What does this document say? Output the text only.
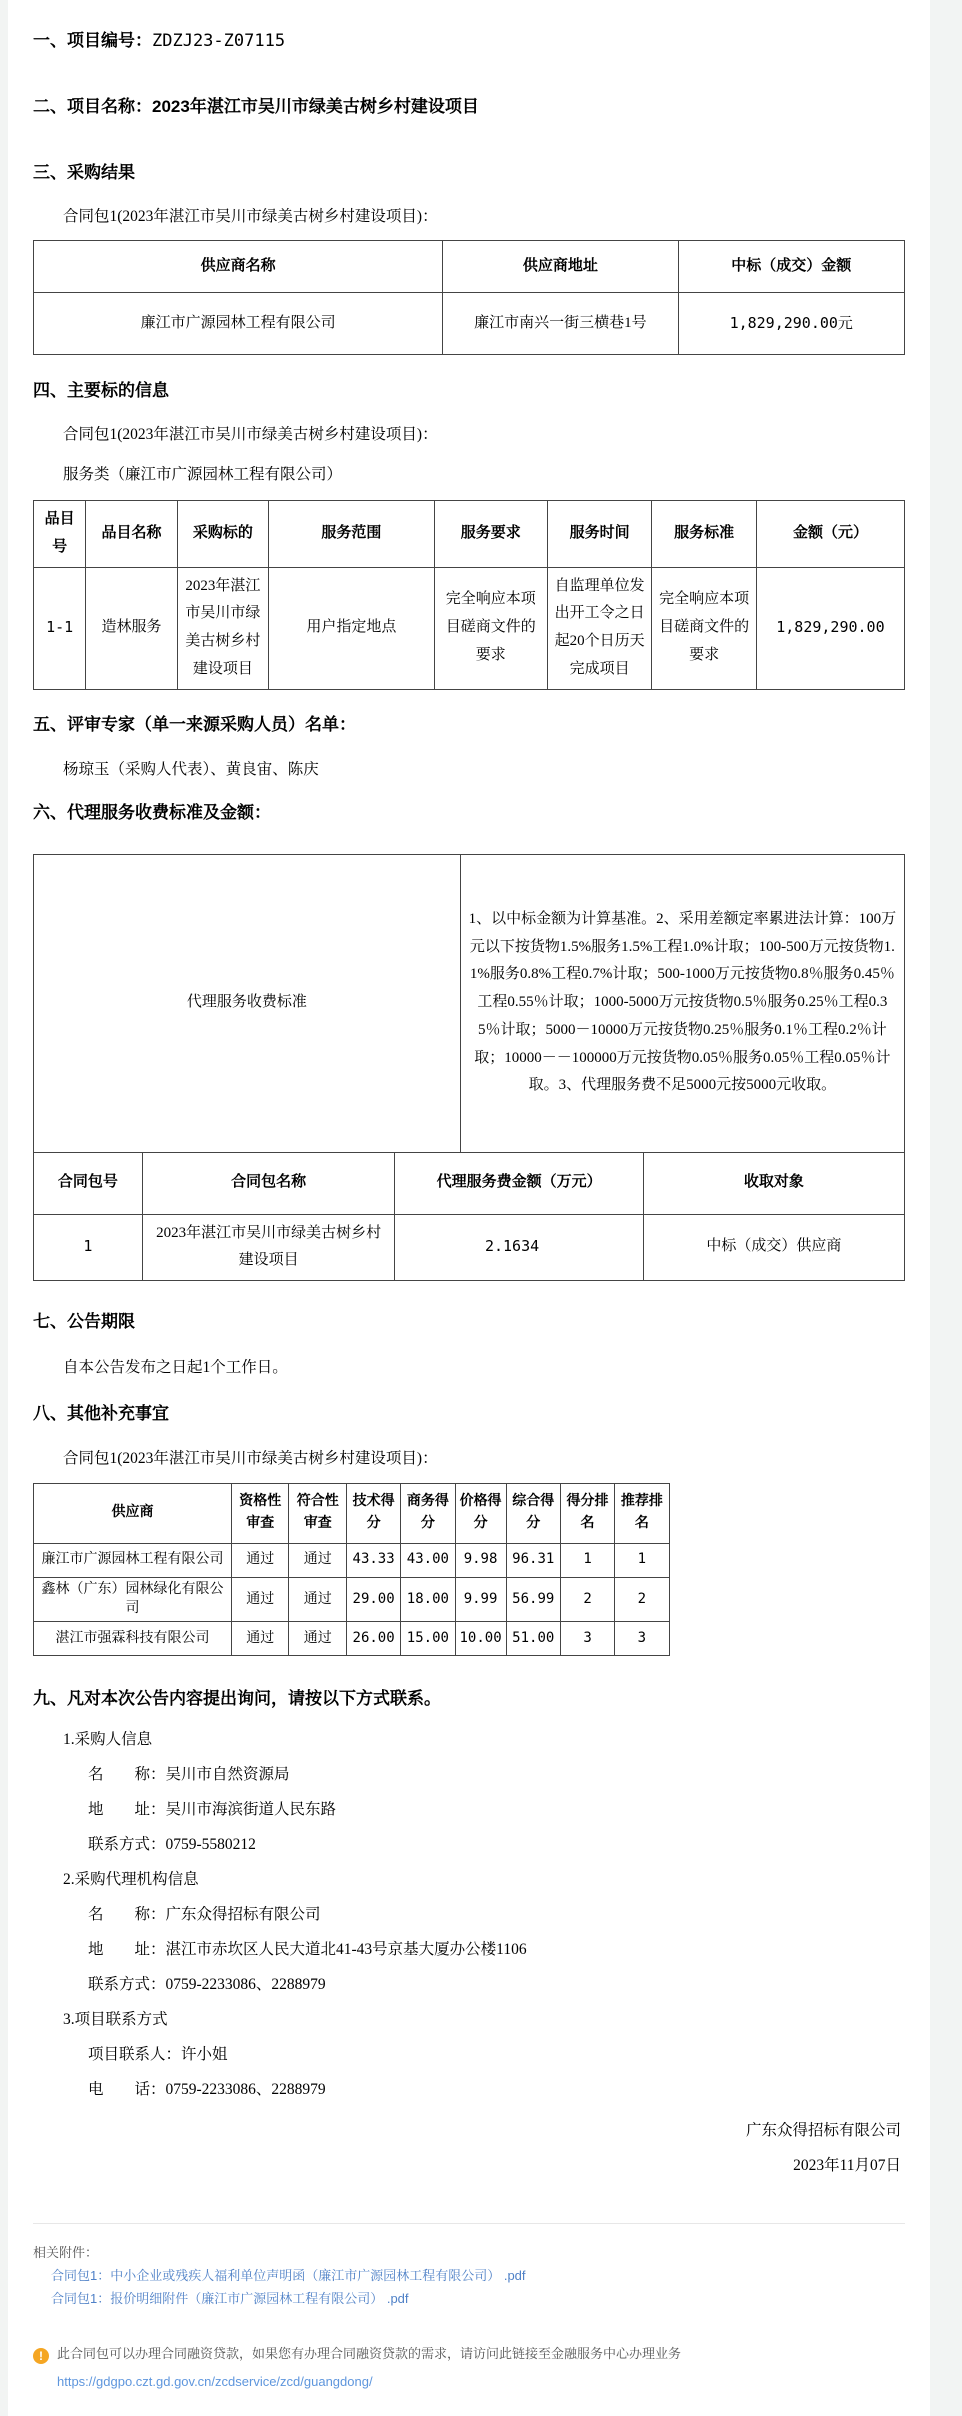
一、项目编号：ZDZJ23-Z07115
二、项目名称：2023年湛江市吴川市绿美古树乡村建设项目
三、采购结果

合同包1(2023年湛江市吴川市绿美古树乡村建设项目)：

供应商名称	供应商地址	中标（成交）金额
廉江市广源园林工程有限公司	廉江市南兴一街三横巷1号	1,829,290.00元
四、主要标的信息

合同包1(2023年湛江市吴川市绿美古树乡村建设项目)：

服务类（廉江市广源园林工程有限公司）

品目号	品目名称	采购标的	服务范围	服务要求	服务时间	服务标准	金额（元）
1-1	造林服务	2023年湛江市吴川市绿美古树乡村建设项目	用户指定地点	完全响应本项目磋商文件的要求	自监理单位发出开工令之日起20个日历天完成项目	完全响应本项目磋商文件的要求	1,829,290.00
五、评审专家（单一来源采购人员）名单：

杨琼玉（采购人代表）、黄良宙、陈庆

六、代理服务收费标准及金额：
代理服务收费标准	1、以中标金额为计算基准。2、采用差额定率累进法计算：100万元以下按货物1.5%服务1.5%工程1.0%计取；100-500万元按货物1.1%服务0.8%工程0.7%计取；500-1000万元按货物0.8％服务0.45％工程0.55％计取；1000-5000万元按货物0.5％服务0.25％工程0.35％计取；5000－10000万元按货物0.25％服务0.1％工程0.2％计取；10000－－100000万元按货物0.05％服务0.05％工程0.05％计取。3、代理服务费不足5000元按5000元收取。
合同包号	合同包名称	代理服务费金额（万元）	收取对象
1	2023年湛江市吴川市绿美古树乡村建设项目	2.1634	中标（成交）供应商
七、公告期限

自本公告发布之日起1个工作日。

八、其他补充事宜

合同包1(2023年湛江市吴川市绿美古树乡村建设项目)：

供应商	资格性审查	符合性审查	技术得分	商务得分	价格得分	综合得分	得分排名	推荐排名
廉江市广源园林工程有限公司	通过	通过	43.33	43.00	9.98	96.31	1	1
鑫林（广东）园林绿化有限公司	通过	通过	29.00	18.00	9.99	56.99	2	2
湛江市强霖科技有限公司	通过	通过	26.00	15.00	10.00	51.00	3	3
九、凡对本次公告内容提出询问，请按以下方式联系。
1.采购人信息
名　　称：吴川市自然资源局
地　　址：吴川市海滨街道人民东路
联系方式：0759-5580212
2.采购代理机构信息
名　　称：广东众得招标有限公司
地　　址：湛江市赤坎区人民大道北41-43号京基大厦办公楼1106
联系方式：0759-2233086、2288979
3.项目联系方式
项目联系人：许小姐
电　　话：0759-2233086、2288979
广东众得招标有限公司
2023年11月07日
相关附件：
合同包1：中小企业或残疾人福利单位声明函（廉江市广源园林工程有限公司） .pdf
合同包1：报价明细附件（廉江市广源园林工程有限公司） .pdf
! 此合同包可以办理合同融资贷款，如果您有办理合同融资贷款的需求，请访问此链接至金融服务中心办理业务
https://gdgpo.czt.gd.gov.cn/zcdservice/zcd/guangdong/
